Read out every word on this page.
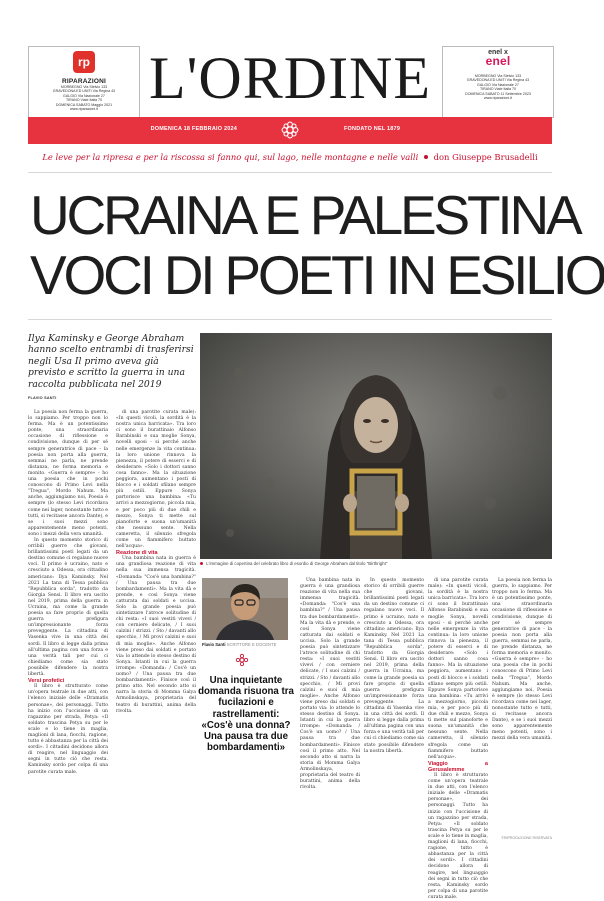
rp
RIPARAZIONI
MORBEGNO Via Stelvio 133
GRAVEDONA ED UNITI Via Regina 43
GALGIO Via Nazionale 27
TIRANO Viale Italia 70
DOMENICA SABATO Maggio 2021
www.riparazioni.it
enel x
enel
MORBEGNO Via Stelvio 133
GRAVEDONA ED UNITI Via Regina 43
GALGIO Via Nazionale 27
TIRANO Viale Italia 70
DOMENICA SABATO 11 Settembre 2023
www.riparazioni.it
L'ORDINE
DOMENICA 18 FEBBRAIO 2024	FONDATO NEL 1879
Le leve per la ripresa e per la riscossa si fanno qui, sul lago, nelle montagne e nelle valli don Giuseppe Brusadelli
UCRAINA E PALESTINA
VOCI DI POETI IN ESILIO
Ilya Kaminsky e George Abraham hanno scelto entrambi di trasferirsi negli Usa Il primo aveva già previsto e scritto la guerra in una raccolta pubblicata nel 2019
FLAVIO SANTI

La poesia non ferma la guerra, lo sappiamo. Per troppo non lo ferma. Ma è un potentissimo ponte, una straordinaria occasione di riflessione e condivisione, dunque di per sé sempre generatrice di pace - la poesia non porta alla guerra, semmai ne parla, ne prende distanza, ne forma memoria e monito. «Guerra è sempre» - ho una poesia che in pochi conoscono di Primo Levi nella "Tregua", Mordo Nahum. Ma anche, aggiungiamo noi, Poesia è sempre (lo stesso Levi ricordava come nei lager, nonostante tutto e tutti, si recitasse ancora Dante), e se i suoi mezzi sono apparentemente meno potenti, sono i mezzi della vera umanità.

In questo momento storico di orribili guerre che giovani, brillantissimi poeti legati da un destino comune ci regalano nuove voci. Il primo è ucraino, nato e cresciuto a Odessa, ora cittadino americano: Ilya Kaminsky. Nel 2021 La tana di Tessa pubblica "Repubblica sorda", tradotto da Giorgia Sensi. Il libro era uscito nel 2019, prima della guerra in Ucraina, ma come la grande poesia sa fare proprio di quella guerra prefigura un'impressionante forza preveggente. La cittadina di Vasenka vive in una città dei sordi. Il libro si legge dalla prima all'ultima pagina con una forza e una verità tali per cui ci chiediamo come sia stato possibile difendere la nostra libertà.

Versi profetici

Il libro è strutturato come un'opera teatrale in due atti, con l'elenco iniziale delle «Dramatis personae», dei personaggi. Tutto ha inizio con l'uccisione di un ragazzino per strada, Petya: «Il soldato trascina Petya su per le scale e lo tiene in maglia, maglioni di lana, fiocchi, ragione, tutto è abbastanza per la città dei sordi». I cittadini decidono allora di reagire, nel linguaggio dei segni in tutto ciò che resta. Kaminsky sordo per colpa di una parotite curata male.

di una parotite curata male): «In questi vicoli, la sordità è la nostra unica barricata». Tra loro ci sono il burattinaio Alfonso Barabinski e sua moglie Sonya, novelli sposi - si perché anche nelle emergenze la vita continua: la loro unione rinnova la pienezza, il potere di esserci e di desiderare: «Solo i dottori sanno cosa fanno». Ma la situazione peggiora, aumentano i posti di blocco e i soldati sfilano sempre più ostili. Eppure Sonya partorisce una bambina: «Tu arrivi a mezzogiorno, piccola mia, e per poco più di due chili e mezzo, Sonya ti mette sul pianoforte e suona un'umanità che nessuno sente. Nella cameretta, il silenzio sfregola come un fiammifero buttato nell'acqua».

Reazione di vita

Una bambina nata in guerra è una grandiosa reazione di vita nella sua immensa tragicità. «Domanda: "Cos'è una bambina?" / Una pausa tra due bombardamenti». Ma la vita dà e prende, e così Sonya viene catturata dai soldati e uccisa. Solo la grande poesia può sintetizzare l'atroce solitudine di chi resta: «I suoi vestiti vivevi / con cerniere delicate, / I suoi calzini / strizzi. / Sto / davanti allo specchio, / Mi provi calzini e suoi di mia moglie». Anche Alfonso viene preso dai soldati e portato via: lo attende lo stesso destino di Sonya. Istanti in cui la guerra irrompe: «Domanda: / Cos'è un uomo? / Una pausa tra due bombardamenti». Finisce così il primo atto. Nel secondo atto si narra la storia di Momma Galya Armolinskaya, proprietaria del teatro di burattini, anima della rivolta.

L'immagine di copertina del celebrato libro di esordio di George Abraham dal titolo "Birthright"
Flavio Santi SCRITTORE E DOCENTE
Una inquietante domanda risuona tra fucilazioni e rastrellamenti: «Cos'è una donna? Una pausa tra due bombardamenti»

Una bambina nata in guerra è una grandiosa reazione di vita nella sua immensa tragicità. «Domanda: "Cos'è una bambina?" / Una pausa tra due bombardamenti». Ma la vita dà e prende, e così Sonya viene catturata dai soldati e uccisa. Solo la grande poesia può sintetizzare l'atroce solitudine di chi resta: «I suoi vestiti vivevi / con cerniere delicate, / I suoi calzini / strizzi. / Sto / davanti allo specchio, / Mi provi calzini e suoi di mia moglie». Anche Alfonso viene preso dai soldati e portato via: lo attende lo stesso destino di Sonya. Istanti in cui la guerra irrompe: «Domanda: / Cos'è un uomo? / Una pausa tra due bombardamenti». Finisce così il primo atto. Nel secondo atto si narra la storia di Momma Galya Armolinskaya, proprietaria del teatro di burattini, anima della rivolta.

In questo momento storico di orribili guerre che giovani, brillantissimi poeti legati da un destino comune ci regalano nuove voci. Il primo è ucraino, nato e cresciuto a Odessa, ora cittadino americano: Ilya Kaminsky. Nel 2021 La tana di Tessa pubblica "Repubblica sorda", tradotto da Giorgia Sensi. Il libro era uscito nel 2019, prima della guerra in Ucraina, ma come la grande poesia sa fare proprio di quella guerra prefigura un'impressionante forza preveggente. La cittadina di Vasenka vive in una città dei sordi. Il libro si legge dalla prima all'ultima pagina con una forza e una verità tali per cui ci chiediamo come sia stato possibile difendere la nostra libertà.

di una parotite curata male): «In questi vicoli, la sordità è la nostra unica barricata». Tra loro ci sono il burattinaio Alfonso Barabinski e sua moglie Sonya, novelli sposi - si perché anche nelle emergenze la vita continua: la loro unione rinnova la pienezza, il potere di esserci e di desiderare: «Solo i dottori sanno cosa fanno». Ma la situazione peggiora, aumentano i posti di blocco e i soldati sfilano sempre più ostili. Eppure Sonya partorisce una bambina: «Tu arrivi a mezzogiorno, piccola mia, e per poco più di due chili e mezzo, Sonya ti mette sul pianoforte e suona un'umanità che nessuno sente. Nella cameretta, il silenzio sfregola come un fiammifero buttato nell'acqua».

Viaggio a Gerusalemme

Il libro è strutturato come un'opera teatrale in due atti, con l'elenco iniziale delle «Dramatis personae», dei personaggi. Tutto ha inizio con l'uccisione di un ragazzino per strada, Petya: «Il soldato trascina Petya su per le scale e lo tiene in maglia, maglioni di lana, fiocchi, ragione, tutto è abbastanza per la città dei sordi». I cittadini decidono allora di reagire, nel linguaggio dei segni in tutto ciò che resta. Kaminsky sordo per colpa di una parotite curata male.

La poesia non ferma la guerra, lo sappiamo. Per troppo non lo ferma. Ma è un potentissimo ponte, una straordinaria occasione di riflessione e condivisione, dunque di per sé sempre generatrice di pace - la poesia non porta alla guerra, semmai ne parla, ne prende distanza, ne forma memoria e monito. «Guerra è sempre» - ho una poesia che in pochi conoscono di Primo Levi nella "Tregua", Mordo Nahum. Ma anche, aggiungiamo noi, Poesia è sempre (lo stesso Levi ricordava come nei lager, nonostante tutto e tutti, si recitasse ancora Dante), e se i suoi mezzi sono apparentemente meno potenti, sono i mezzi della vera umanità.

©RIPRODUZIONE RISERVATA
